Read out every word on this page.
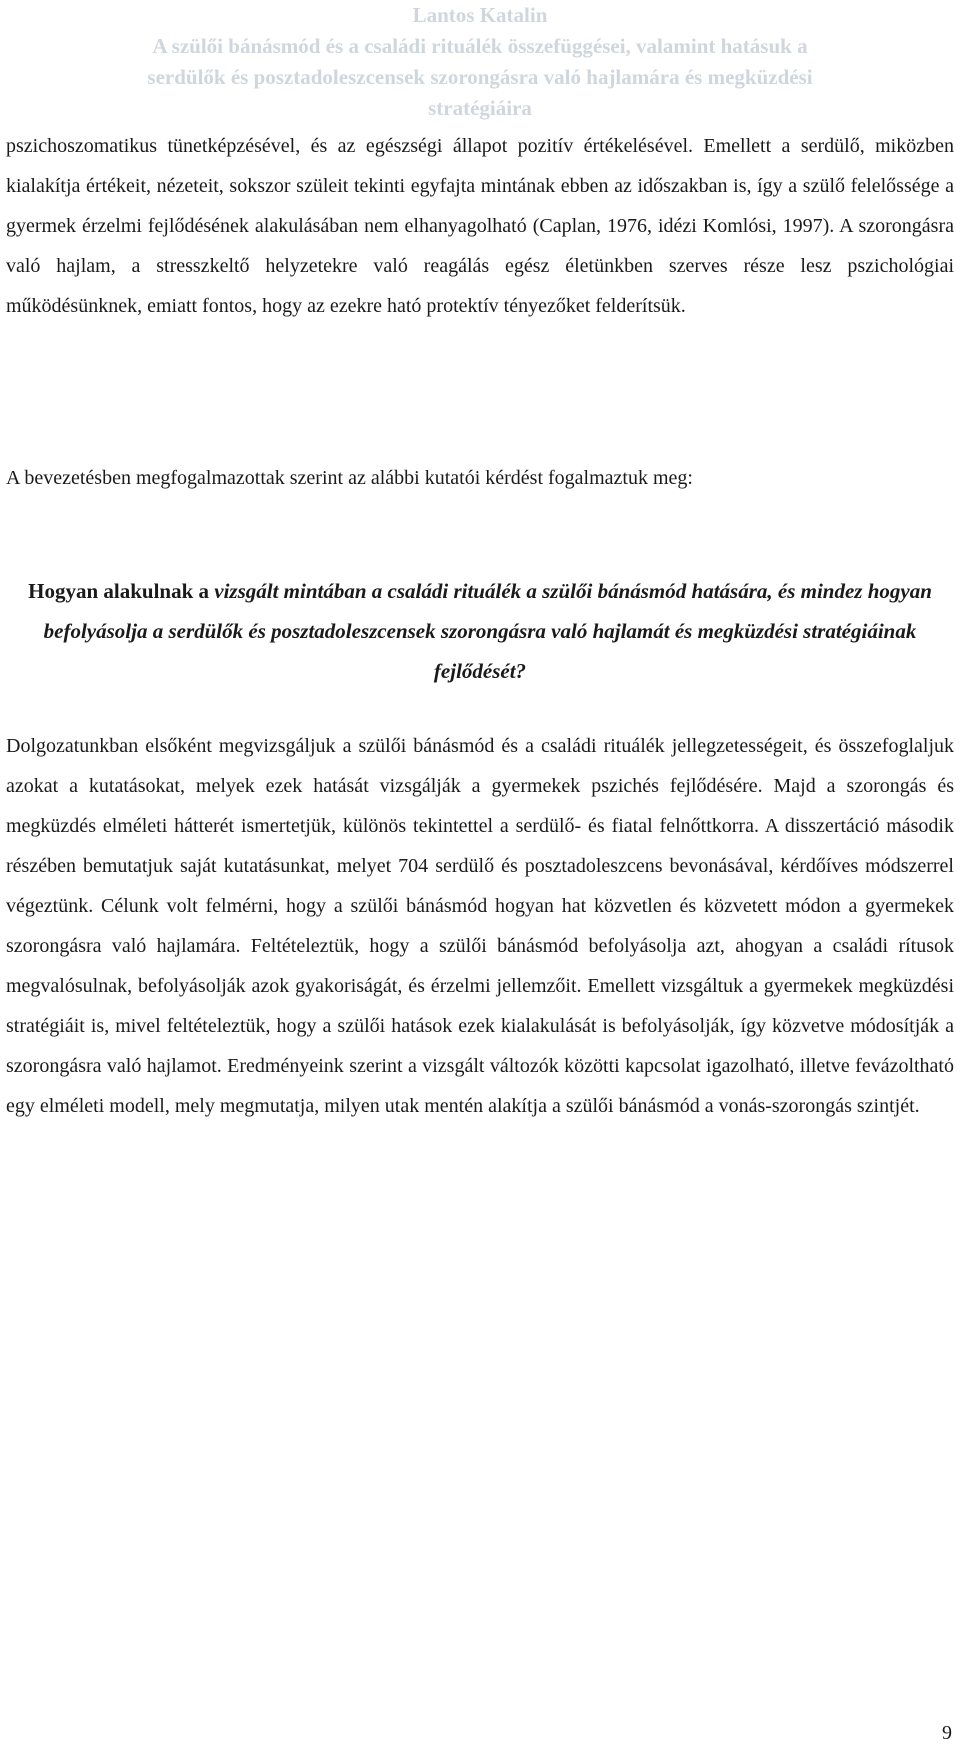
Lantos Katalin
A szülői bánásmód és a családi rituálék összefüggései, valamint hatásuk a
serdülők és posztadoleszcensek szorongásra való hajlamára és megküzdési
stratégiáira

pszichoszomatikus tünetképzésével, és az egészségi állapot pozitív értékelésével. Emellett a serdülő, miközben kialakítja értékeit, nézeteit, sokszor szüleit tekinti egyfajta mintának ebben az időszakban is, így a szülő felelőssége a gyermek érzelmi fejlődésének alakulásában nem elhanyagolható (Caplan, 1976, idézi Komlósi, 1997). A szorongásra való hajlam, a stresszkeltő helyzetekre való reagálás egész életünkben szerves része lesz pszichológiai működésünknek, emiatt fontos, hogy az ezekre ható protektív tényezőket felderítsük.

A bevezetésben megfogalmazottak szerint az alábbi kutatói kérdést fogalmaztuk meg:

Hogyan alakulnak a vizsgált mintában a családi rituálék a szülői bánásmód hatására, és mindez hogyan befolyásolja a serdülők és posztadoleszcensek szorongásra való hajlamát és megküzdési stratégiáinak fejlődését?

Dolgozatunkban elsőként megvizsgáljuk a szülői bánásmód és a családi rituálék jellegzetességeit, és összefoglaljuk azokat a kutatásokat, melyek ezek hatását vizsgálják a gyermekek pszichés fejlődésére. Majd a szorongás és megküzdés elméleti hátterét ismertetjük, különös tekintettel a serdülő- és fiatal felnőttkorra. A disszertáció második részében bemutatjuk saját kutatásunkat, melyet 704 serdülő és posztadoleszcens bevonásával, kérdőíves módszerrel végeztünk. Célunk volt felmérni, hogy a szülői bánásmód hogyan hat közvetlen és közvetett módon a gyermekek szorongásra való hajlamára. Feltételeztük, hogy a szülői bánásmód befolyásolja azt, ahogyan a családi rítusok megvalósulnak, befolyásolják azok gyakoriságát, és érzelmi jellemzőit. Emellett vizsgáltuk a gyermekek megküzdési stratégiáit is, mivel feltételeztük, hogy a szülői hatások ezek kialakulását is befolyásolják, így közvetve módosítják a szorongásra való hajlamot. Eredményeink szerint a vizsgált változók közötti kapcsolat igazolható, illetve fevázolthatό egy elméleti modell, mely megmutatja, milyen utak mentén alakítja a szülői bánásmód a vonás-szorongás szintjét.

9
